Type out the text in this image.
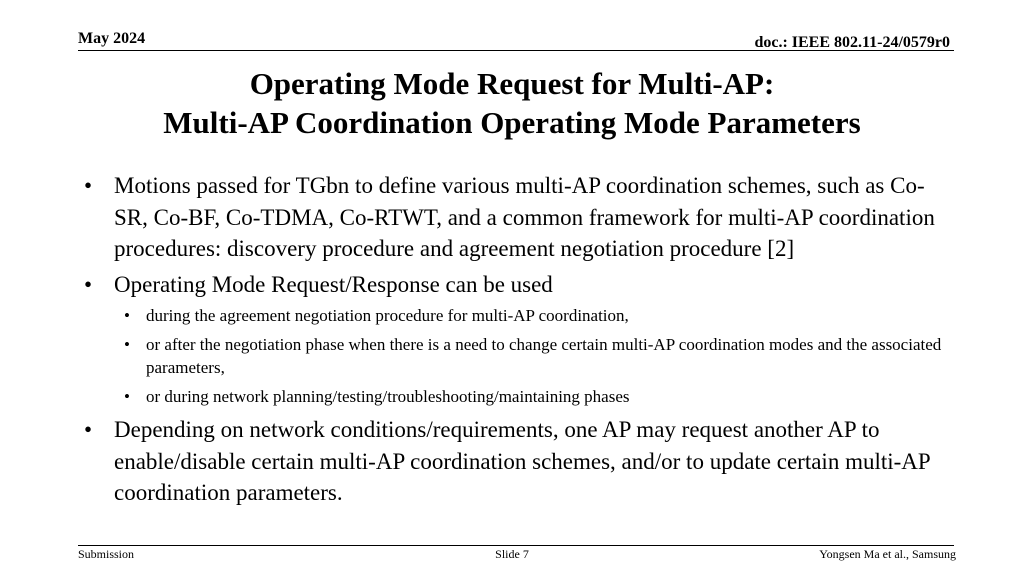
May 2024	doc.: IEEE 802.11-24/0579r0
Operating Mode Request for Multi-AP:
Multi-AP Coordination Operating Mode Parameters
• Motions passed for TGbn to define various multi-AP coordination schemes, such as Co-SR, Co-BF, Co-TDMA, Co-RTWT, and a common framework for multi-AP coordination procedures: discovery procedure and agreement negotiation procedure [2]
• Operating Mode Request/Response can be used
• during the agreement negotiation procedure for multi-AP coordination,
• or after the negotiation phase when there is a need to change certain multi-AP coordination modes and the associated parameters,
• or during network planning/testing/troubleshooting/maintaining phases
• Depending on network conditions/requirements, one AP may request another AP to enable/disable certain multi-AP coordination schemes, and/or to update certain multi-AP coordination parameters.
Submission	Slide 7	Yongsen Ma et al., Samsung
